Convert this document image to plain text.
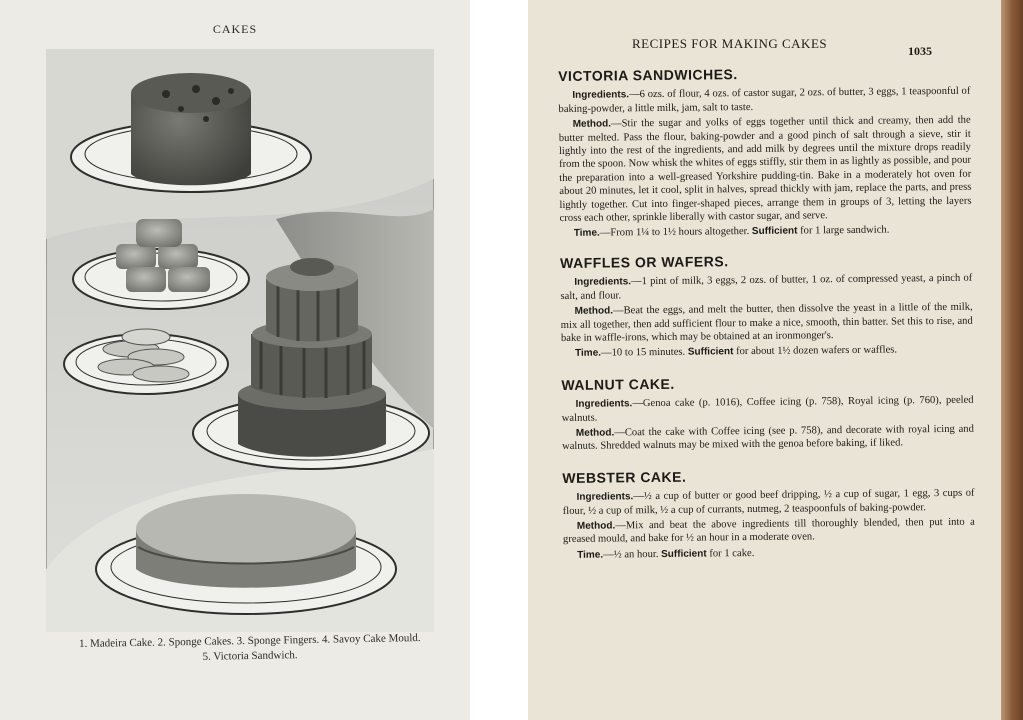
CAKES
1. Madeira Cake. 2. Sponge Cakes. 3. Sponge Fingers. 4. Savoy Cake Mould.
5. Victoria Sandwich.
RECIPES FOR MAKING CAKES	1035
VICTORIA SANDWICHES.

Ingredients.—6 ozs. of flour, 4 ozs. of castor sugar, 2 ozs. of butter, 3 eggs, 1 teaspoonful of baking-powder, a little milk, jam, salt to taste.

Method.—Stir the sugar and yolks of eggs together until thick and creamy, then add the butter melted. Pass the flour, baking-powder and a good pinch of salt through a sieve, stir it lightly into the rest of the ingredients, and add milk by degrees until the mixture drops readily from the spoon. Now whisk the whites of eggs stiffly, stir them in as lightly as possible, and pour the preparation into a well-greased Yorkshire pudding-tin. Bake in a moderately hot oven for about 20 minutes, let it cool, split in halves, spread thickly with jam, replace the parts, and press lightly together. Cut into finger-shaped pieces, arrange them in groups of 3, letting the layers cross each other, sprinkle liberally with castor sugar, and serve.

Time.—From 1¼ to 1½ hours altogether. Sufficient for 1 large sandwich.

WAFFLES OR WAFERS.

Ingredients.—1 pint of milk, 3 eggs, 2 ozs. of butter, 1 oz. of compressed yeast, a pinch of salt, and flour.

Method.—Beat the eggs, and melt the butter, then dissolve the yeast in a little of the milk, mix all together, then add sufficient flour to make a nice, smooth, thin batter. Set this to rise, and bake in waffle-irons, which may be obtained at an ironmonger's.

Time.—10 to 15 minutes. Sufficient for about 1½ dozen wafers or waffles.

WALNUT CAKE.

Ingredients.—Genoa cake (p. 1016), Coffee icing (p. 758), Royal icing (p. 760), peeled walnuts.

Method.—Coat the cake with Coffee icing (see p. 758), and decorate with royal icing and walnuts. Shredded walnuts may be mixed with the genoa before baking, if liked.

WEBSTER CAKE.

Ingredients.—½ a cup of butter or good beef dripping, ½ a cup of sugar, 1 egg, 3 cups of flour, ½ a cup of milk, ½ a cup of currants, nutmeg, 2 teaspoonfuls of baking-powder.

Method.—Mix and beat the above ingredients till thoroughly blended, then put into a greased mould, and bake for ½ an hour in a moderate oven.

Time.—½ an hour. Sufficient for 1 cake.
